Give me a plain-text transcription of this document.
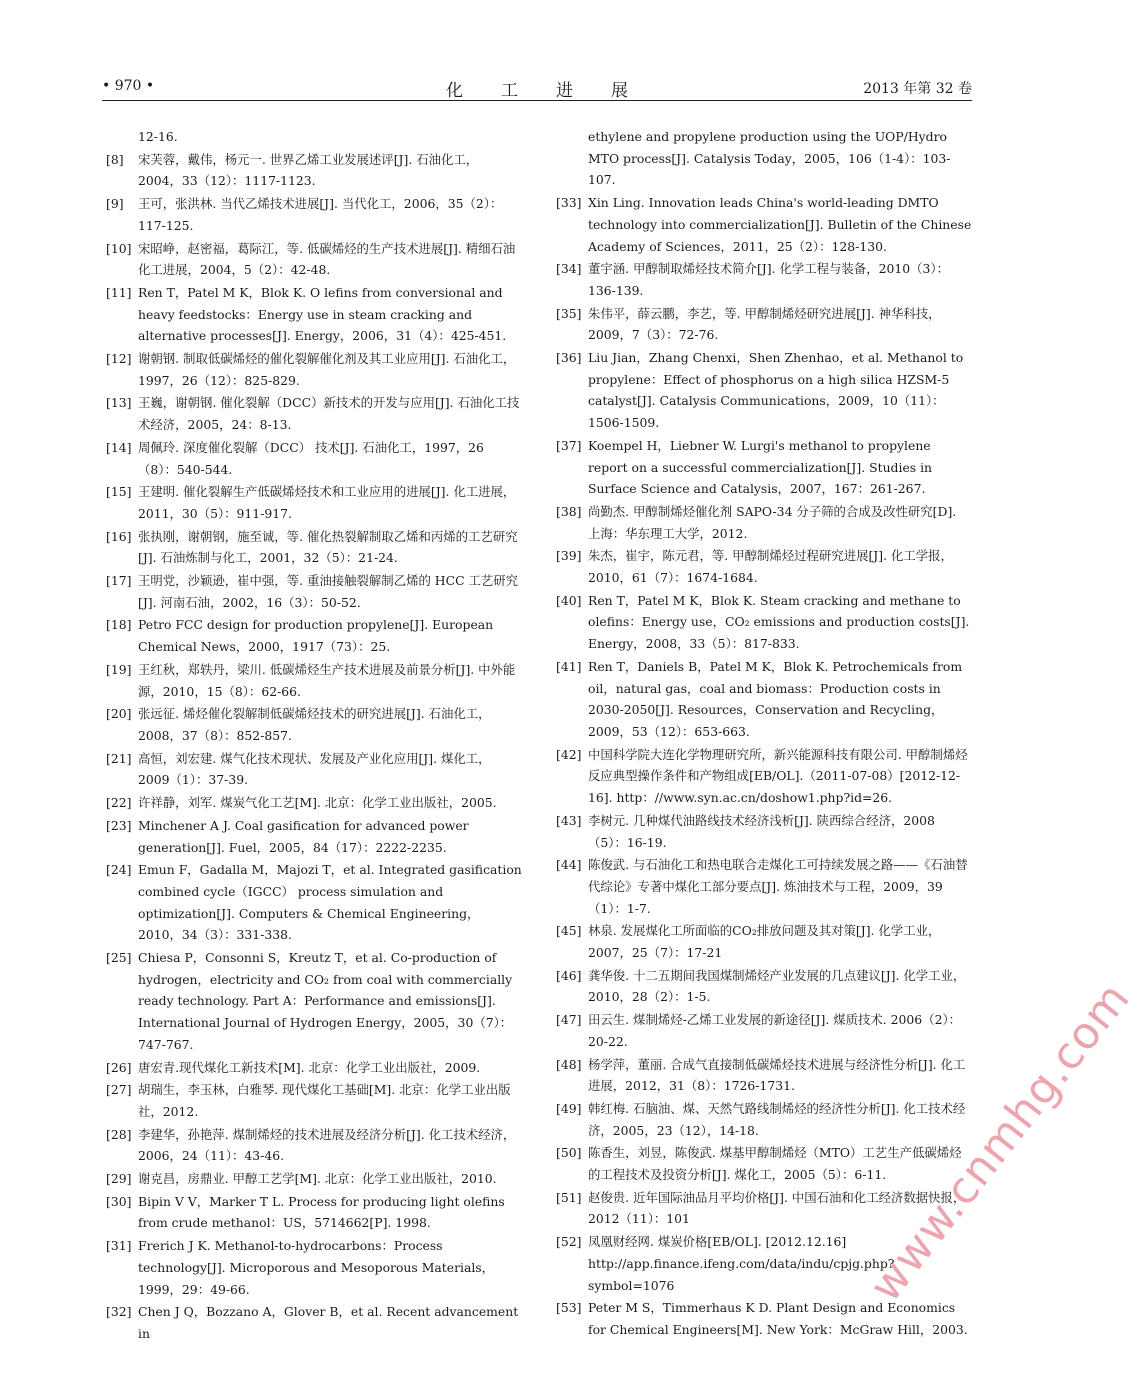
• 970 •	化工进展	2013 年第 32 卷
12-16.
[8] 宋芙蓉，戴伟，杨元一. 世界乙烯工业发展述评[J]. 石油化工，2004，33（12）：1117-1123.
[9] 王可，张洪林. 当代乙烯技术进展[J]. 当代化工，2006，35（2）：117-125.
[10] 宋昭峥，赵密福，葛际江，等. 低碳烯烃的生产技术进展[J]. 精细石油化工进展，2004，5（2）：42-48.
[11] Ren T，Patel M K，Blok K. O lefins from conversional and heavy feedstocks：Energy use in steam cracking and alternative processes[J]. Energy，2006，31（4）：425-451.
[12] 谢朝钢. 制取低碳烯烃的催化裂解催化剂及其工业应用[J]. 石油化工，1997，26（12）：825-829.
[13] 王巍，谢朝钢. 催化裂解（DCC）新技术的开发与应用[J]. 石油化工技术经济，2005，24：8-13.
[14] 周佩玲. 深度催化裂解（DCC） 技术[J]. 石油化工，1997，26（8）：540-544.
[15] 王建明. 催化裂解生产低碳烯烃技术和工业应用的进展[J]. 化工进展，2011，30（5）：911-917.
[16] 张执刚，谢朝钢，施至诚，等. 催化热裂解制取乙烯和丙烯的工艺研究[J]. 石油炼制与化工，2001，32（5）：21-24.
[17] 王明党，沙颖逊，崔中强，等. 重油接触裂解制乙烯的 HCC 工艺研究[J]. 河南石油，2002，16（3）：50-52.
[18] Petro FCC design for production propylene[J]. European Chemical News，2000，1917（73）：25.
[19] 王红秋，郑轶丹，梁川. 低碳烯烃生产技术进展及前景分析[J]. 中外能源，2010，15（8）：62-66.
[20] 张远征. 烯烃催化裂解制低碳烯烃技术的研究进展[J]. 石油化工，2008，37（8）：852-857.
[21] 高恒，刘宏建. 煤气化技术现状、发展及产业化应用[J]. 煤化工，2009（1）：37-39.
[22] 许祥静，刘军. 煤炭气化工艺[M]. 北京：化学工业出版社，2005.
[23] Minchener A J. Coal gasification for advanced power generation[J]. Fuel，2005，84（17）：2222-2235.
[24] Emun F，Gadalla M，Majozi T，et al. Integrated gasification combined cycle（IGCC） process simulation and optimization[J]. Computers & Chemical Engineering，2010，34（3）：331-338.
[25] Chiesa P，Consonni S，Kreutz T，et al. Co-production of hydrogen，electricity and CO₂ from coal with commercially ready technology. Part A：Performance and emissions[J]. International Journal of Hydrogen Energy，2005，30（7）：747-767.
[26] 唐宏青.现代煤化工新技术[M]. 北京：化学工业出版社，2009.
[27] 胡瑞生，李玉林，白雅琴. 现代煤化工基础[M]. 北京：化学工业出版社，2012.
[28] 李建华，孙艳萍. 煤制烯烃的技术进展及经济分析[J]. 化工技术经济，2006，24（11）：43-46.
[29] 谢克昌，房鼎业. 甲醇工艺学[M]. 北京：化学工业出版社，2010.
[30] Bipin V V，Marker T L. Process for producing light olefins from crude methanol：US，5714662[P]. 1998.
[31] Frerich J K. Methanol-to-hydrocarbons：Process technology[J]. Microporous and Mesoporous Materials，1999，29：49-66.
[32] Chen J Q，Bozzano A，Glover B，et al. Recent advancement in
ethylene and propylene production using the UOP/Hydro MTO process[J]. Catalysis Today，2005，106（1-4）：103-107.
[33] Xin Ling. Innovation leads China's world-leading DMTO technology into commercialization[J]. Bulletin of the Chinese Academy of Sciences，2011，25（2）：128-130.
[34] 董宇涵. 甲醇制取烯烃技术简介[J]. 化学工程与装备，2010（3）：136-139.
[35] 朱伟平，薛云鹏，李艺，等. 甲醇制烯烃研究进展[J]. 神华科技，2009，7（3）：72-76.
[36] Liu Jian，Zhang Chenxi，Shen Zhenhao，et al. Methanol to propylene：Effect of phosphorus on a high silica HZSM-5 catalyst[J]. Catalysis Communications，2009，10（11）：1506-1509.
[37] Koempel H，Liebner W. Lurgi's methanol to propylene report on a successful commercialization[J]. Studies in Surface Science and Catalysis，2007，167：261-267.
[38] 尚勤杰. 甲醇制烯烃催化剂 SAPO-34 分子筛的合成及改性研究[D]. 上海：华东理工大学，2012.
[39] 朱杰，崔宇，陈元君，等. 甲醇制烯烃过程研究进展[J]. 化工学报，2010，61（7）：1674-1684.
[40] Ren T，Patel M K，Blok K. Steam cracking and methane to olefins：Energy use，CO₂ emissions and production costs[J]. Energy，2008，33（5）：817-833.
[41] Ren T，Daniels B，Patel M K，Blok K. Petrochemicals from oil，natural gas，coal and biomass：Production costs in 2030-2050[J]. Resources，Conservation and Recycling，2009，53（12）：653-663.
[42] 中国科学院大连化学物理研究所，新兴能源科技有限公司. 甲醇制烯烃反应典型操作条件和产物组成[EB/OL].（2011-07-08）[2012-12-16]. http：//www.syn.ac.cn/doshow1.php?id=26.
[43] 李树元. 几种煤代油路线技术经济浅析[J]. 陕西综合经济，2008（5）：16-19.
[44] 陈俊武. 与石油化工和热电联合走煤化工可持续发展之路——《石油替代综论》专著中煤化工部分要点[J]. 炼油技术与工程，2009，39（1）：1-7.
[45] 林泉. 发展煤化工所面临的CO₂排放问题及其对策[J]. 化学工业，2007，25（7）：17-21
[46] 龚华俊. 十二五期间我国煤制烯烃产业发展的几点建议[J]. 化学工业，2010，28（2）：1-5.
[47] 田云生. 煤制烯烃-乙烯工业发展的新途径[J]. 煤质技术. 2006（2）：20-22.
[48] 杨学萍，董丽. 合成气直接制低碳烯烃技术进展与经济性分析[J]. 化工进展，2012，31（8）：1726-1731.
[49] 韩红梅. 石脑油、煤、天然气路线制烯烃的经济性分析[J]. 化工技术经济，2005，23（12），14-18.
[50] 陈香生，刘昱，陈俊武. 煤基甲醇制烯烃（MTO）工艺生产低碳烯烃的工程技术及投资分析[J]. 煤化工，2005（5）：6-11.
[51] 赵俊贵. 近年国际油品月平均价格[J]. 中国石油和化工经济数据快报，2012（11）：101
[52] 凤凰财经网. 煤炭价格[EB/OL]. [2012.12.16] http://app.finance.ifeng.com/data/indu/cpjg.php?symbol=1076
[53] Peter M S，Timmerhaus K D. Plant Design and Economics for Chemical Engineers[M]. New York：McGraw Hill，2003.
www.cnmhg.com
